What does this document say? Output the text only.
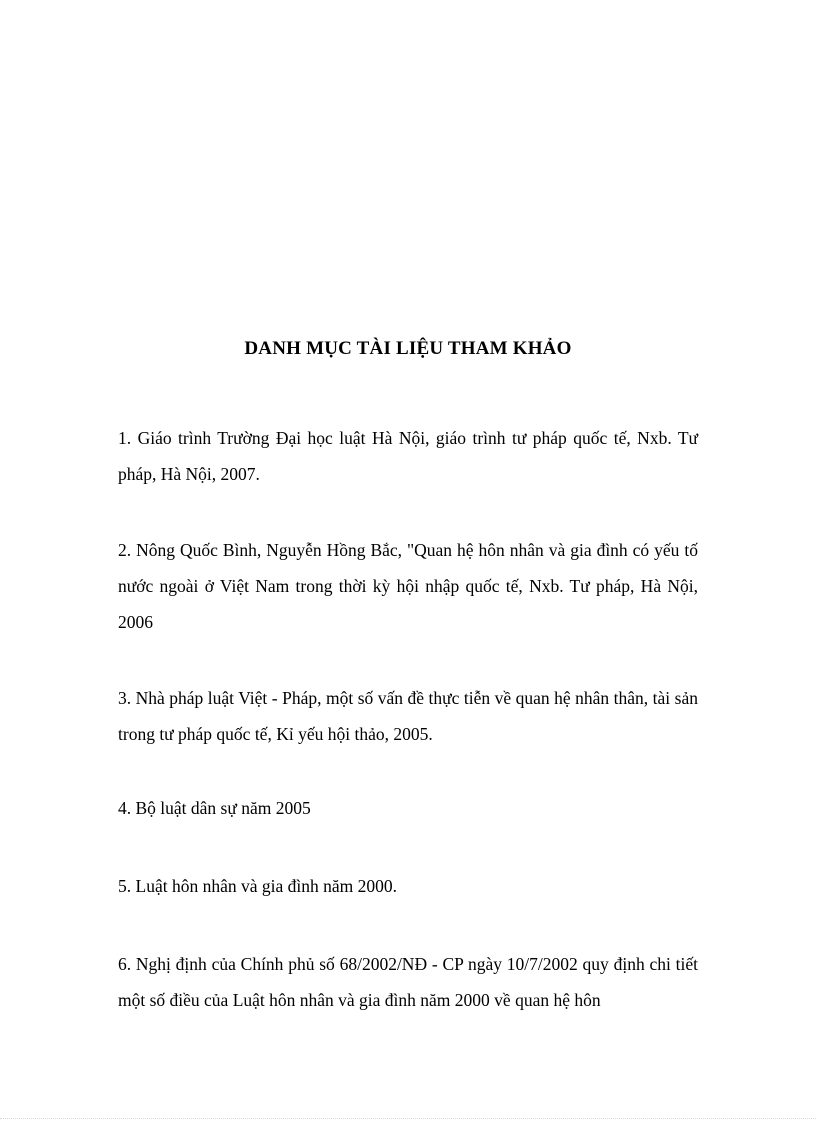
DANH MỤC TÀI LIỆU THAM KHẢO

1. Giáo trình Trường Đại học luật Hà Nội, giáo trình tư pháp quốc tế, Nxb. Tư pháp, Hà Nội, 2007.

2. Nông Quốc Bình, Nguyễn Hồng Bắc, "Quan hệ hôn nhân và gia đình có yếu tố nước ngoài ở Việt Nam trong thời kỳ hội nhập quốc tế, Nxb. Tư pháp, Hà Nội, 2006

3. Nhà pháp luật Việt - Pháp, một số vấn đề thực tiễn về quan hệ nhân thân, tài sản trong tư pháp quốc tế, Kỉ yếu hội thảo, 2005.

4. Bộ luật dân sự năm 2005

5. Luật hôn nhân và gia đình năm 2000.

6. Nghị định của Chính phủ số 68/2002/NĐ - CP ngày 10/7/2002 quy định chi tiết một số điều của Luật hôn nhân và gia đình năm 2000 về quan hệ hôn
